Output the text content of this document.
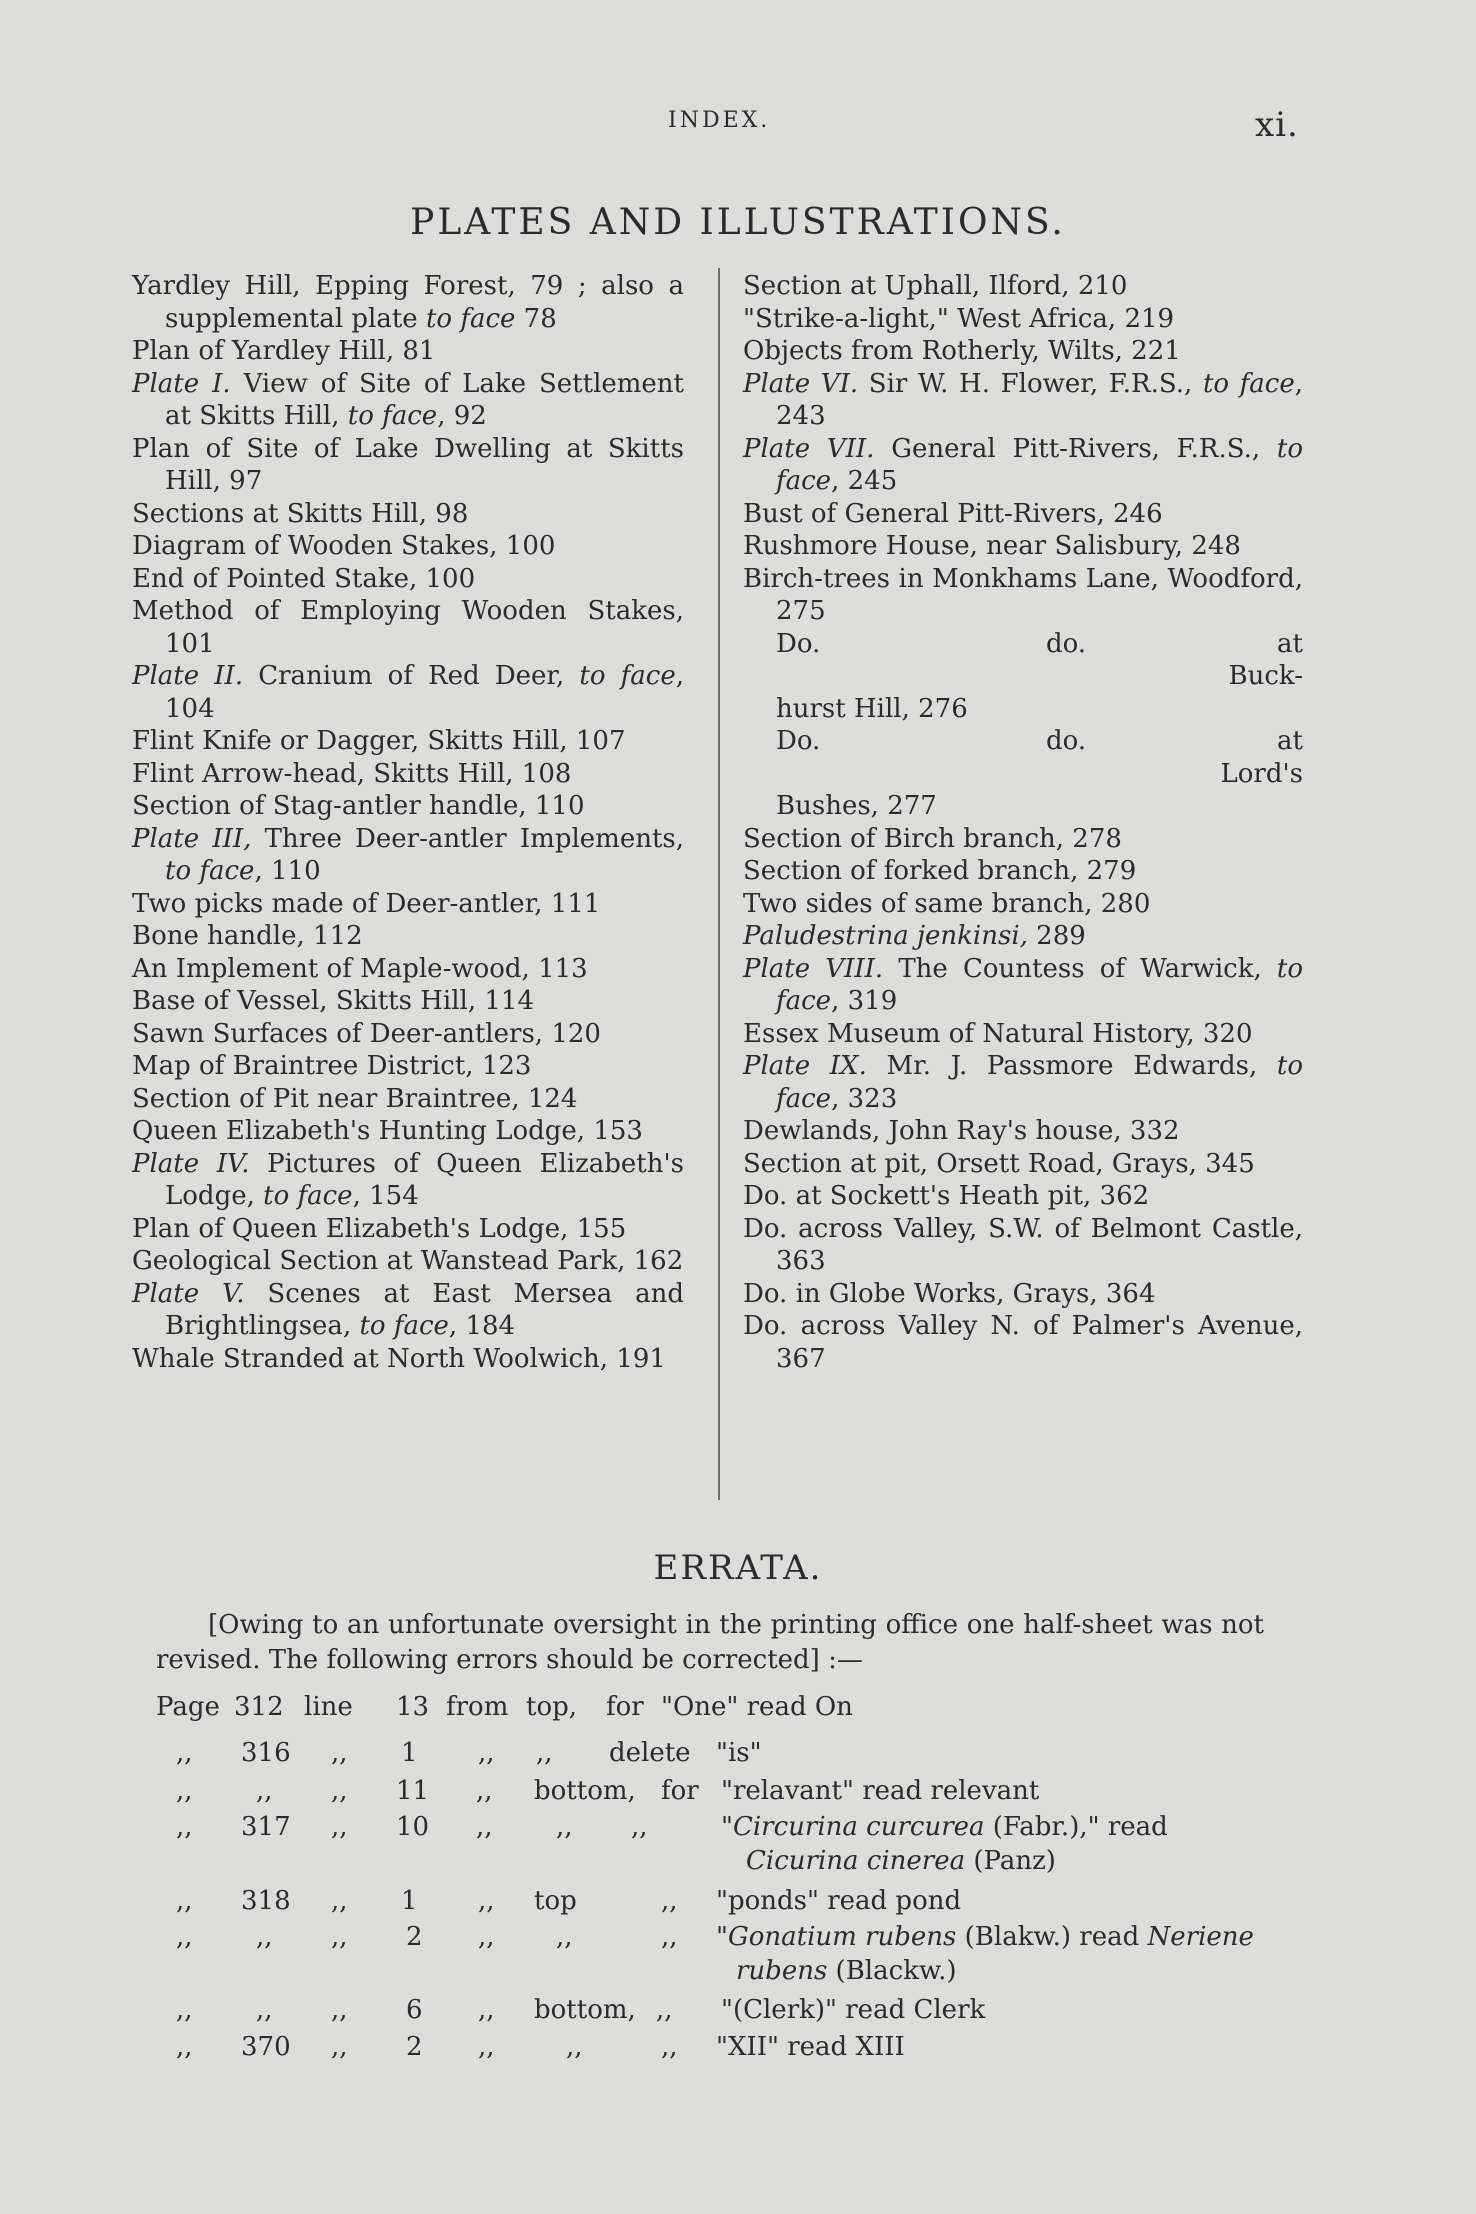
INDEX.	xi.
PLATES AND ILLUSTRATIONS.
Yardley Hill, Epping Forest, 79 ; also a supplemental plate to face 78
Plan of Yardley Hill, 81
Plate I. View of Site of Lake Settlement at Skitts Hill, to face, 92
Plan of Site of Lake Dwelling at Skitts Hill, 97
Sections at Skitts Hill, 98
Diagram of Wooden Stakes, 100
End of Pointed Stake, 100
Method of Employing Wooden Stakes, 101
Plate II. Cranium of Red Deer, to face, 104
Flint Knife or Dagger, Skitts Hill, 107
Flint Arrow-head, Skitts Hill, 108
Section of Stag-antler handle, 110
Plate III, Three Deer-antler Implements, to face, 110
Two picks made of Deer-antler, 111
Bone handle, 112
An Implement of Maple-wood, 113
Base of Vessel, Skitts Hill, 114
Sawn Surfaces of Deer-antlers, 120
Map of Braintree District, 123
Section of Pit near Braintree, 124
Queen Elizabeth's Hunting Lodge, 153
Plate IV. Pictures of Queen Elizabeth's Lodge, to face, 154
Plan of Queen Elizabeth's Lodge, 155
Geological Section at Wanstead Park, 162
Plate V. Scenes at East Mersea and Brightlingsea, to face, 184
Whale Stranded at North Woolwich, 191
Section at Uphall, Ilford, 210
"Strike-a-light," West Africa, 219
Objects from Rotherly, Wilts, 221
Plate VI. Sir W. H. Flower, F.R.S., to face, 243
Plate VII. General Pitt-Rivers, F.R.S., to face, 245
Bust of General Pitt-Rivers, 246
Rushmore House, near Salisbury, 248
Birch-trees in Monkhams Lane, Woodford, 275
Do.	do.	at Buck-
hurst Hill, 276
Do.	do.	at Lord's
Bushes, 277
Section of Birch branch, 278
Section of forked branch, 279
Two sides of same branch, 280
Paludestrina jenkinsi, 289
Plate VIII. The Countess of Warwick, to face, 319
Essex Museum of Natural History, 320
Plate IX. Mr. J. Passmore Edwards, to face, 323
Dewlands, John Ray's house, 332
Section at pit, Orsett Road, Grays, 345
Do. at Sockett's Heath pit, 362
Do. across Valley, S.W. of Belmont Castle, 363
Do. in Globe Works, Grays, 364
Do. across Valley N. of Palmer's Avenue, 367
ERRATA.
[Owing to an unfortunate oversight in the printing office one half-sheet was not revised. The following errors should be corrected] :—
Page 312 line 13 from top, for "One" read On
,, 316 ,, 1 ,, ,, delete "is"
,, ,, ,, 11 ,, bottom, for "relavant" read relevant
,, 317 ,, 10 ,, ,, ,,	"Circurina curcurea (Fabr.)," read
Cicurina cinerea (Panz)
,, 318 ,, 1 ,, top	,, "ponds" read pond
,, ,, ,, 2 ,, ,,	,, "Gonatium rubens (Blakw.) read Neriene
rubens (Blackw.)
,, ,, ,, 6 ,, bottom, ,, "(Clerk)" read Clerk
,, 370 ,, 2 ,,	,,	,, "XII" read XIII
